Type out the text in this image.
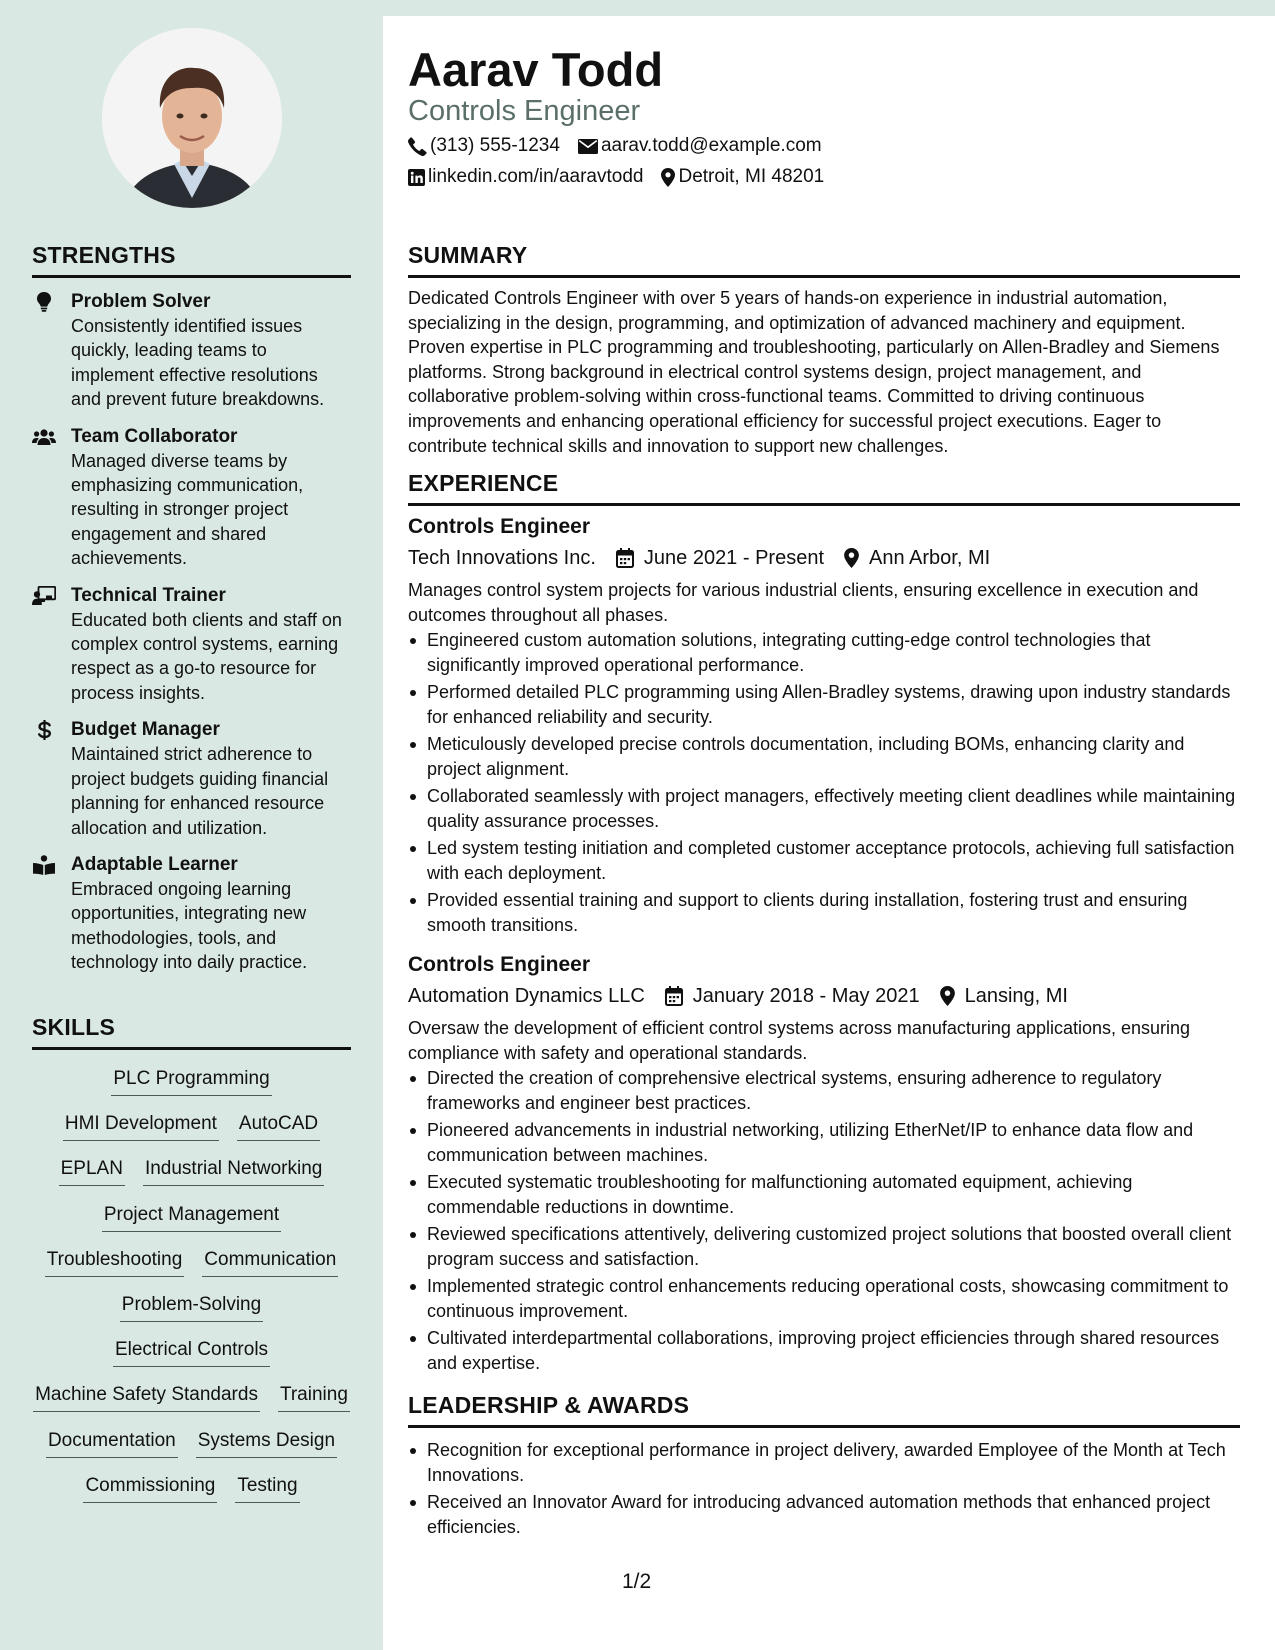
STRENGTHS
Problem Solver
Consistently identified issues quickly, leading teams to implement effective resolutions and prevent future breakdowns.
Team Collaborator
Managed diverse teams by emphasizing communication, resulting in stronger project engagement and shared achievements.
Technical Trainer
Educated both clients and staff on complex control systems, earning respect as a go-to resource for process insights.
Budget Manager
Maintained strict adherence to project budgets guiding financial planning for enhanced resource allocation and utilization.
Adaptable Learner
Embraced ongoing learning opportunities, integrating new methodologies, tools, and technology into daily practice.
SKILLS
PLC Programming
HMI Development AutoCAD
EPLAN Industrial Networking
Project Management
Troubleshooting Communication
Problem-Solving
Electrical Controls
Machine Safety Standards Training
Documentation Systems Design
Commissioning Testing
Aarav Todd
Controls Engineer
(313) 555-1234 aarav.todd@example.com
linkedin.com/in/aaravtodd Detroit, MI 48201
SUMMARY

Dedicated Controls Engineer with over 5 years of hands-on experience in industrial automation, specializing in the design, programming, and optimization of advanced machinery and equipment. Proven expertise in PLC programming and troubleshooting, particularly on Allen-Bradley and Siemens platforms. Strong background in electrical control systems design, project management, and collaborative problem-solving within cross-functional teams. Committed to driving continuous improvements and enhancing operational efficiency for successful project executions. Eager to contribute technical skills and innovation to support new challenges.

EXPERIENCE
Controls Engineer
Tech Innovations Inc. June 2021 - Present Ann Arbor, MI

Manages control system projects for various industrial clients, ensuring excellence in execution and outcomes throughout all phases.

Engineered custom automation solutions, integrating cutting-edge control technologies that significantly improved operational performance.
Performed detailed PLC programming using Allen-Bradley systems, drawing upon industry standards for enhanced reliability and security.
Meticulously developed precise controls documentation, including BOMs, enhancing clarity and project alignment.
Collaborated seamlessly with project managers, effectively meeting client deadlines while maintaining quality assurance processes.
Led system testing initiation and completed customer acceptance protocols, achieving full satisfaction with each deployment.
Provided essential training and support to clients during installation, fostering trust and ensuring smooth transitions.
Controls Engineer
Automation Dynamics LLC January 2018 - May 2021 Lansing, MI

Oversaw the development of efficient control systems across manufacturing applications, ensuring compliance with safety and operational standards.

Directed the creation of comprehensive electrical systems, ensuring adherence to regulatory frameworks and engineer best practices.
Pioneered advancements in industrial networking, utilizing EtherNet/IP to enhance data flow and communication between machines.
Executed systematic troubleshooting for malfunctioning automated equipment, achieving commendable reductions in downtime.
Reviewed specifications attentively, delivering customized project solutions that boosted overall client program success and satisfaction.
Implemented strategic control enhancements reducing operational costs, showcasing commitment to continuous improvement.
Cultivated interdepartmental collaborations, improving project efficiencies through shared resources and expertise.
LEADERSHIP & AWARDS
Recognition for exceptional performance in project delivery, awarded Employee of the Month at Tech Innovations.
Received an Innovator Award for introducing advanced automation methods that enhanced project efficiencies.
1/2
